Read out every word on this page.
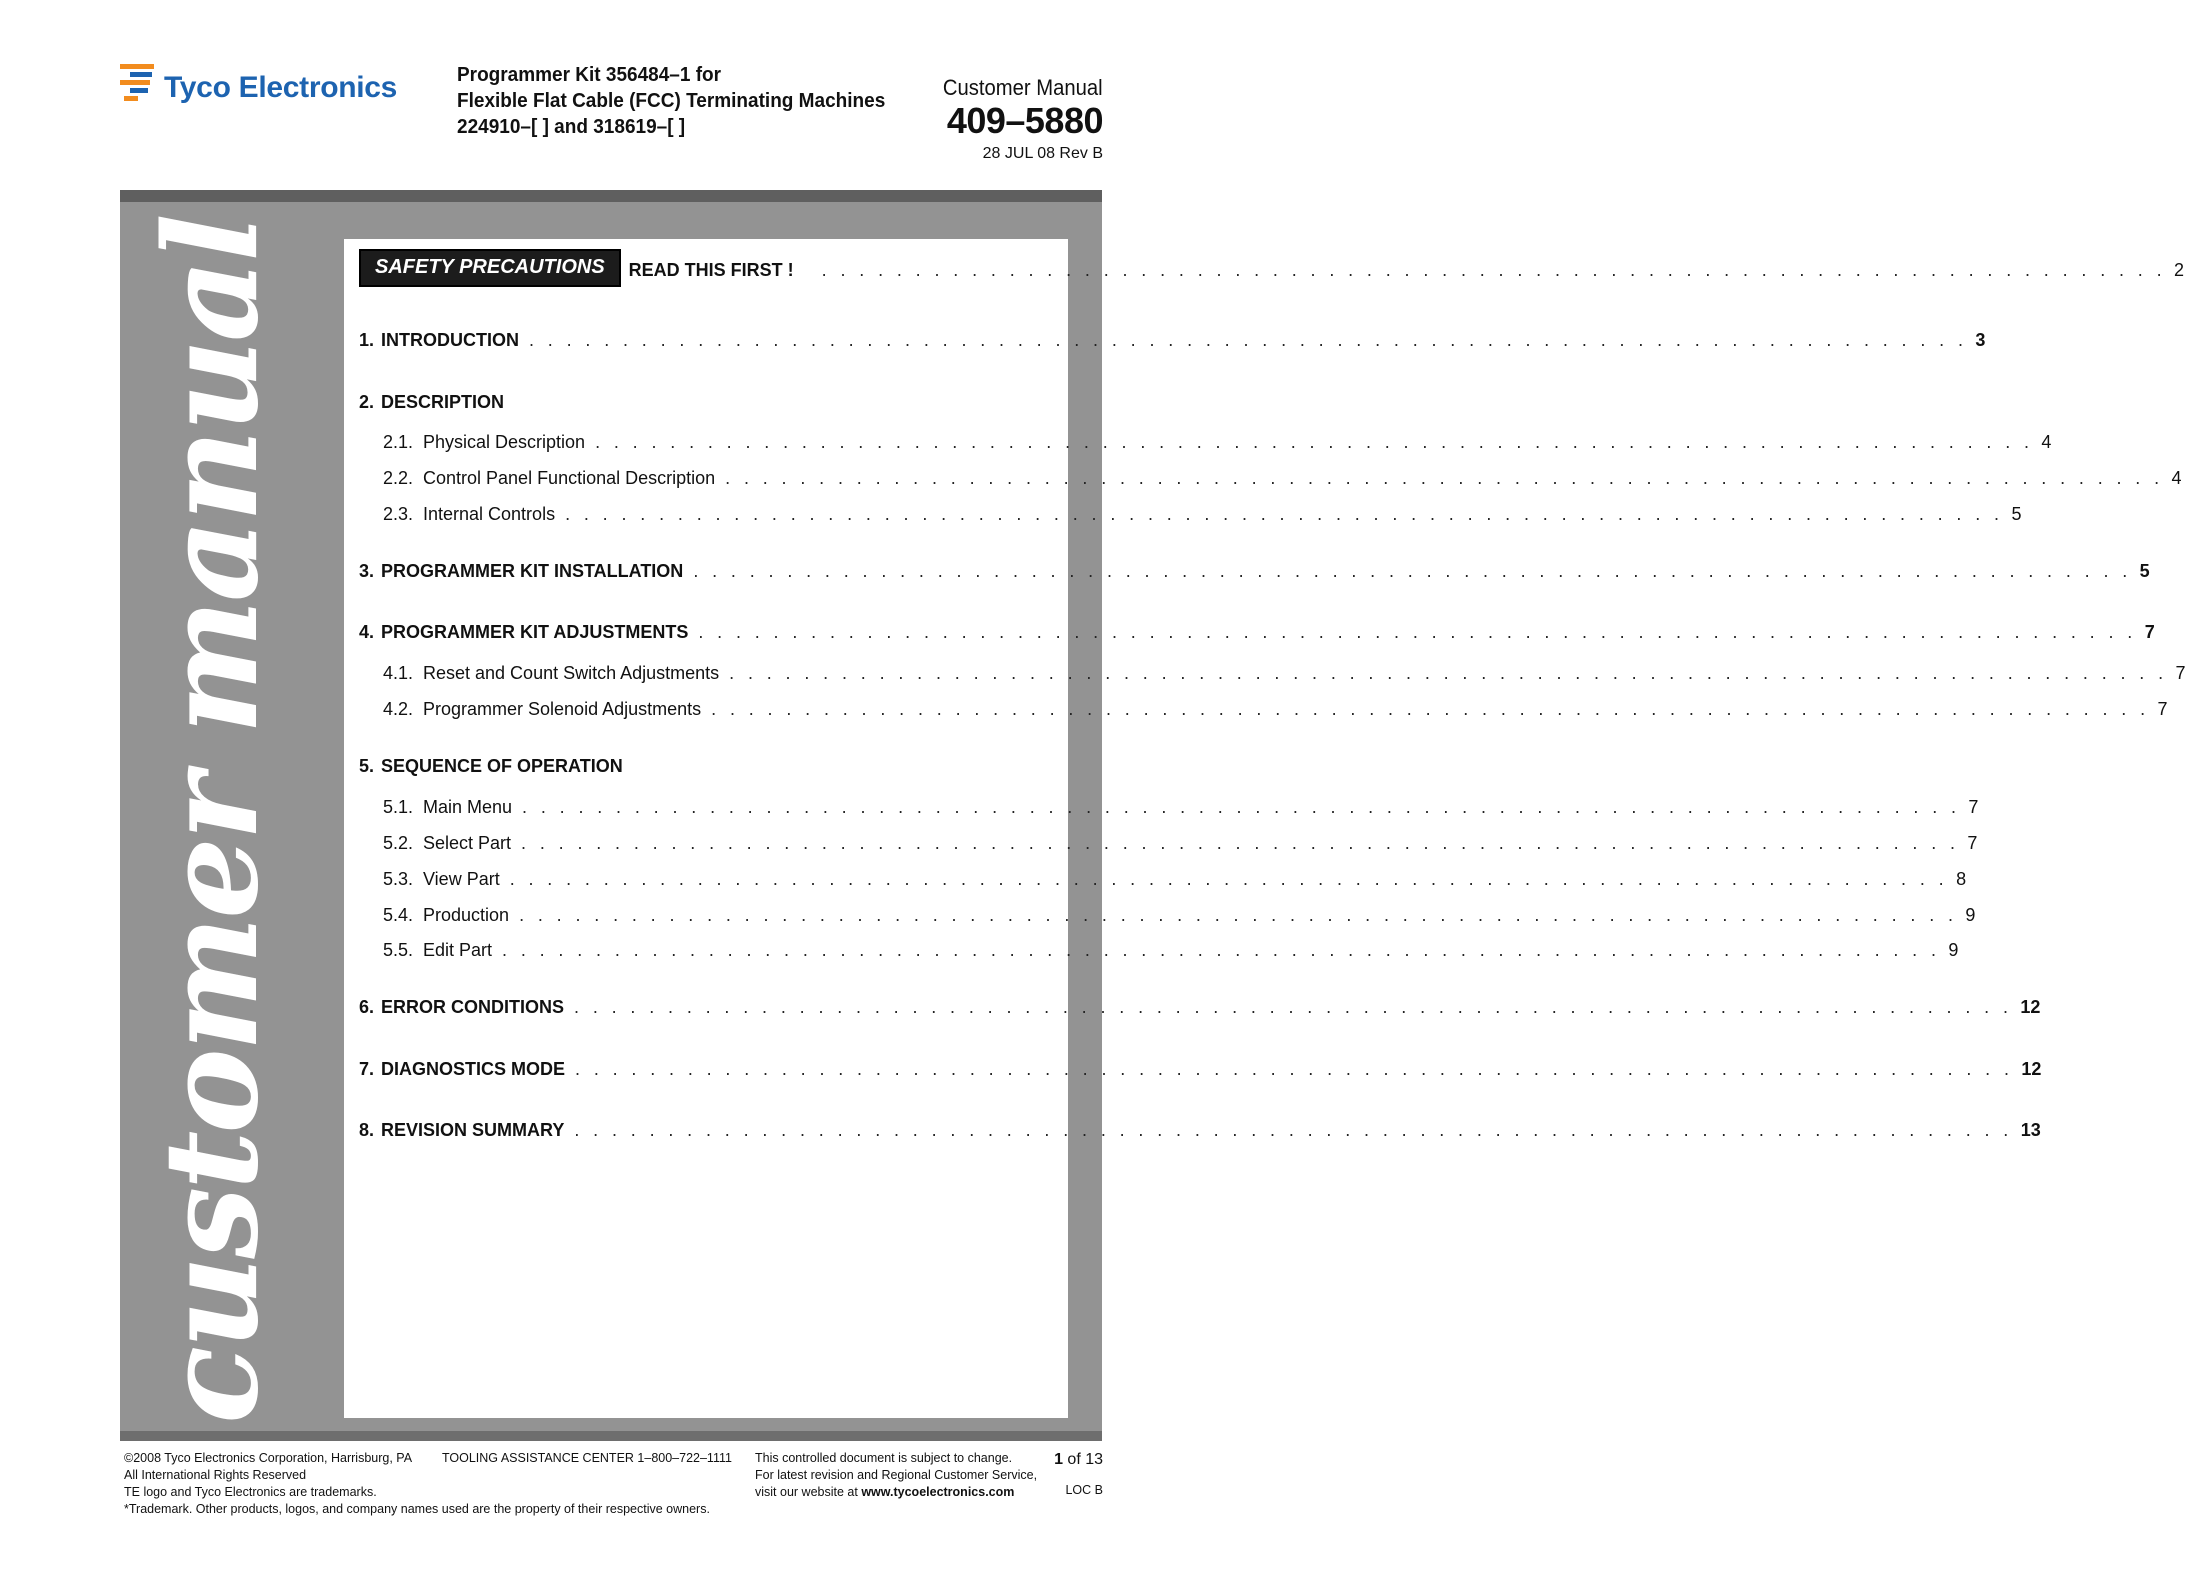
Tyco Electronics	Programmer Kit 356484–1 for
Flexible Flat Cable (FCC) Terminating Machines
224910–[ ] and 318619–[ ]
Customer Manual
409–5880
28 JUL 08 Rev B
customer manual	SAFETY PRECAUTIONS	READ THIS FIRST ! . . . . . . . . . . . . . . . . . . . . . . . . . . . . . . . . . . . . . . . . . . . . . . . . . . . . . . . . . . . . . . . . . . . . . . . . 2
1. INTRODUCTION . . . . . . . . . . . . . . . . . . . . . . . . . . . . . . . . . . . . . . . . . . . . . . . . . . . . . . . . . . . . . . . . . . . . . . . . . . . . . 3
2. DESCRIPTION
2.1. Physical Description . . . . . . . . . . . . . . . . . . . . . . . . . . . . . . . . . . . . . . . . . . . . . . . . . . . . . . . . . . . . . . . . . . . . . . . . . . . . . 4
2.2. Control Panel Functional Description . . . . . . . . . . . . . . . . . . . . . . . . . . . . . . . . . . . . . . . . . . . . . . . . . . . . . . . . . . . . . . . . . . . . . . . . . . . . . 4
2.3. Internal Controls . . . . . . . . . . . . . . . . . . . . . . . . . . . . . . . . . . . . . . . . . . . . . . . . . . . . . . . . . . . . . . . . . . . . . . . . . . . . . 5
3. PROGRAMMER KIT INSTALLATION . . . . . . . . . . . . . . . . . . . . . . . . . . . . . . . . . . . . . . . . . . . . . . . . . . . . . . . . . . . . . . . . . . . . . . . . . . . . . 5
4. PROGRAMMER KIT ADJUSTMENTS . . . . . . . . . . . . . . . . . . . . . . . . . . . . . . . . . . . . . . . . . . . . . . . . . . . . . . . . . . . . . . . . . . . . . . . . . . . . . 7
4.1. Reset and Count Switch Adjustments . . . . . . . . . . . . . . . . . . . . . . . . . . . . . . . . . . . . . . . . . . . . . . . . . . . . . . . . . . . . . . . . . . . . . . . . . . . . . 7
4.2. Programmer Solenoid Adjustments . . . . . . . . . . . . . . . . . . . . . . . . . . . . . . . . . . . . . . . . . . . . . . . . . . . . . . . . . . . . . . . . . . . . . . . . . . . . . 7
5. SEQUENCE OF OPERATION
5.1. Main Menu . . . . . . . . . . . . . . . . . . . . . . . . . . . . . . . . . . . . . . . . . . . . . . . . . . . . . . . . . . . . . . . . . . . . . . . . . . . . . 7
5.2. Select Part . . . . . . . . . . . . . . . . . . . . . . . . . . . . . . . . . . . . . . . . . . . . . . . . . . . . . . . . . . . . . . . . . . . . . . . . . . . . . 7
5.3. View Part . . . . . . . . . . . . . . . . . . . . . . . . . . . . . . . . . . . . . . . . . . . . . . . . . . . . . . . . . . . . . . . . . . . . . . . . . . . . . 8
5.4. Production . . . . . . . . . . . . . . . . . . . . . . . . . . . . . . . . . . . . . . . . . . . . . . . . . . . . . . . . . . . . . . . . . . . . . . . . . . . . . 9
5.5. Edit Part . . . . . . . . . . . . . . . . . . . . . . . . . . . . . . . . . . . . . . . . . . . . . . . . . . . . . . . . . . . . . . . . . . . . . . . . . . . . . 9
6. ERROR CONDITIONS . . . . . . . . . . . . . . . . . . . . . . . . . . . . . . . . . . . . . . . . . . . . . . . . . . . . . . . . . . . . . . . . . . . . . . . . . . . . . 12
7. DIAGNOSTICS MODE . . . . . . . . . . . . . . . . . . . . . . . . . . . . . . . . . . . . . . . . . . . . . . . . . . . . . . . . . . . . . . . . . . . . . . . . . . . . . 12
8. REVISION SUMMARY . . . . . . . . . . . . . . . . . . . . . . . . . . . . . . . . . . . . . . . . . . . . . . . . . . . . . . . . . . . . . . . . . . . . . . . . . . . . . 13
©2008 Tyco Electronics Corporation, Harrisburg, PA
All International Rights Reserved
TE logo and Tyco Electronics are trademarks.
*Trademark. Other products, logos, and company names used are the property of their respective owners.
TOOLING ASSISTANCE CENTER 1–800–722–1111 This controlled document is subject to change.
For latest revision and Regional Customer Service,
visit our website at www.tycoelectronics.com
1 of 13
LOC B
